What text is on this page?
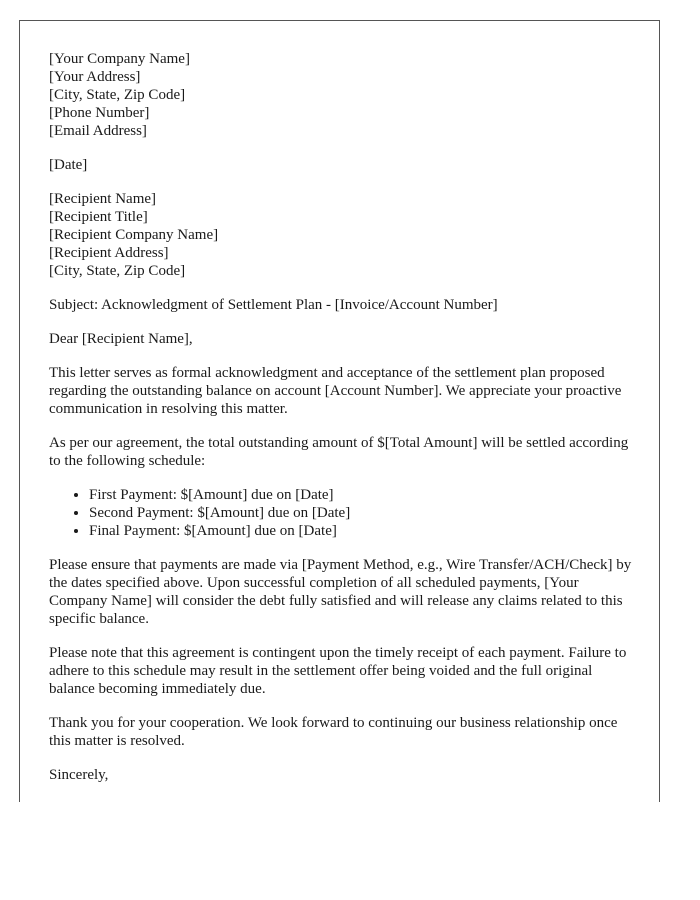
[Your Company Name]
[Your Address]
[City, State, Zip Code]
[Phone Number]
[Email Address]

[Date]

[Recipient Name]
[Recipient Title]
[Recipient Company Name]
[Recipient Address]
[City, State, Zip Code]

Subject: Acknowledgment of Settlement Plan - [Invoice/Account Number]

Dear [Recipient Name],

This letter serves as formal acknowledgment and acceptance of the settlement plan proposed regarding the outstanding balance on account [Account Number]. We appreciate your proactive communication in resolving this matter.

As per our agreement, the total outstanding amount of $[Total Amount] will be settled according to the following schedule:

• First Payment: $[Amount] due on [Date]
• Second Payment: $[Amount] due on [Date]
• Final Payment: $[Amount] due on [Date]

Please ensure that payments are made via [Payment Method, e.g., Wire Transfer/ACH/Check] by the dates specified above. Upon successful completion of all scheduled payments, [Your Company Name] will consider the debt fully satisfied and will release any claims related to this specific balance.

Please note that this agreement is contingent upon the timely receipt of each payment. Failure to adhere to this schedule may result in the settlement offer being voided and the full original balance becoming immediately due.

Thank you for your cooperation. We look forward to continuing our business relationship once this matter is resolved.

Sincerely,
